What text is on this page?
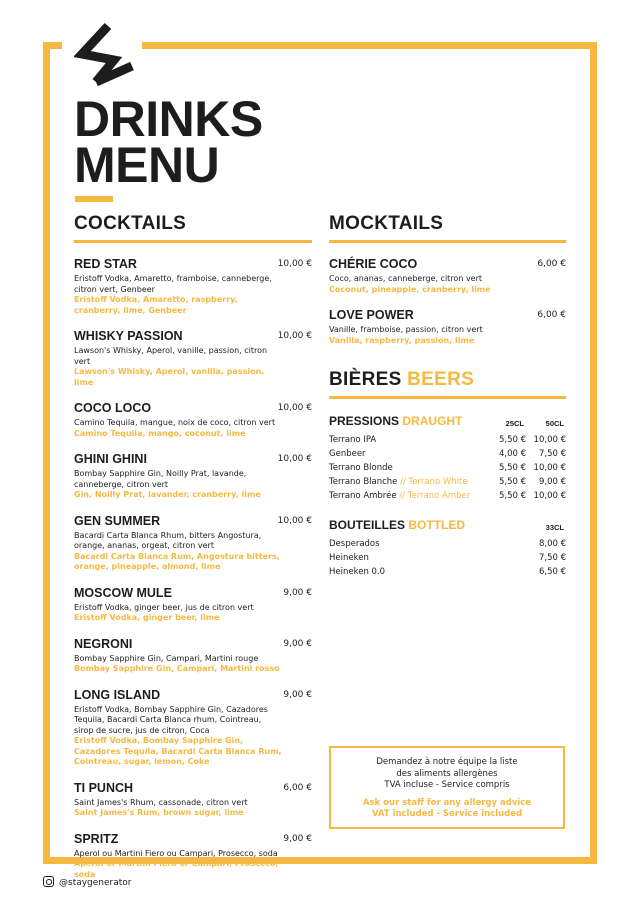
DRINKS
MENU
COCKTAILS
RED STAR	10,00 €
Eristoff Vodka, Amaretto, framboise, canneberge, citron vert, Genbeer
Eristoff Vodka, Amaretto, raspberry, cranberry, lime, Genbeer
WHISKY PASSION	10,00 €
Lawson's Whisky, Aperol, vanille, passion, citron vert
Lawson's Whisky, Aperol, vanilla, passion, lime
COCO LOCO	10,00 €
Camino Tequila, mangue, noix de coco, citron vert
Camino Tequila, mango, coconut, lime
GHINI GHINI	10,00 €
Bombay Sapphire Gin, Noilly Prat, lavande, canneberge, citron vert
Gin, Noilly Prat, lavander, cranberry, lime
GEN SUMMER	10,00 €
Bacardi Carta Blanca Rhum, bitters Angostura, orange, ananas, orgeat, citron vert
Bacardi Carta Blanca Rum, Angostura bitters, orange, pineapple, almond, lime
MOSCOW MULE	9,00 €
Eristoff Vodka, ginger beer, jus de citron vert
Eristoff Vodka, ginger beer, lime
NEGRONI	9,00 €
Bombay Sapphire Gin, Campari, Martini rouge
Bombay Sapphire Gin, Campari, Martini rosso
LONG ISLAND	9,00 €
Eristoff Vodka, Bombay Sapphire Gin, Cazadores Tequila, Bacardi Carta Blanca rhum, Cointreau, sirop de sucre, jus de citron, Coca
Eristoff Vodka, Bombay Sapphire Gin, Cazadores Tequila, Bacardi Carta Blanca Rum, Cointreau, sugar, lemon, Coke
TI PUNCH	6,00 €
Saint James's Rhum, cassonade, citron vert
Saint James's Rum, brown sugar, lime
SPRITZ	9,00 €
Aperol ou Martini Fiero ou Campari, Prosecco, soda
Aperol or Martini Fiero or Campari, Prosecco, soda
MOCKTAILS
CHÉRIE COCO	6,00 €
Coco, ananas, canneberge, citron vert
Coconut, pineapple, cranberry, lime
LOVE POWER	6,00 €
Vanille, framboise, passion, citron vert
Vanilla, raspberry, passion, lime
BIÈRES BEERS
PRESSIONS DRAUGHT	25CL	50CL
Terrano IPA	5,50 € 10,00 €
Genbeer	4,00 € 7,50 €
Terrano Blonde	5,50 € 10,00 €
Terrano Blanche // Terrano White	5,50 € 9,00 €
Terrano Ambrée // Terrano Amber	5,50 € 10,00 €
BOUTEILLES BOTTLED	33CL
Desperados	8,00 €
Heineken	7,50 €
Heineken 0.0	6,50 €
Demandez à notre équipe la liste
des aliments allergènes
TVA incluse - Service compris
Ask our staff for any allergy advice
VAT included - Service included
@staygenerator
